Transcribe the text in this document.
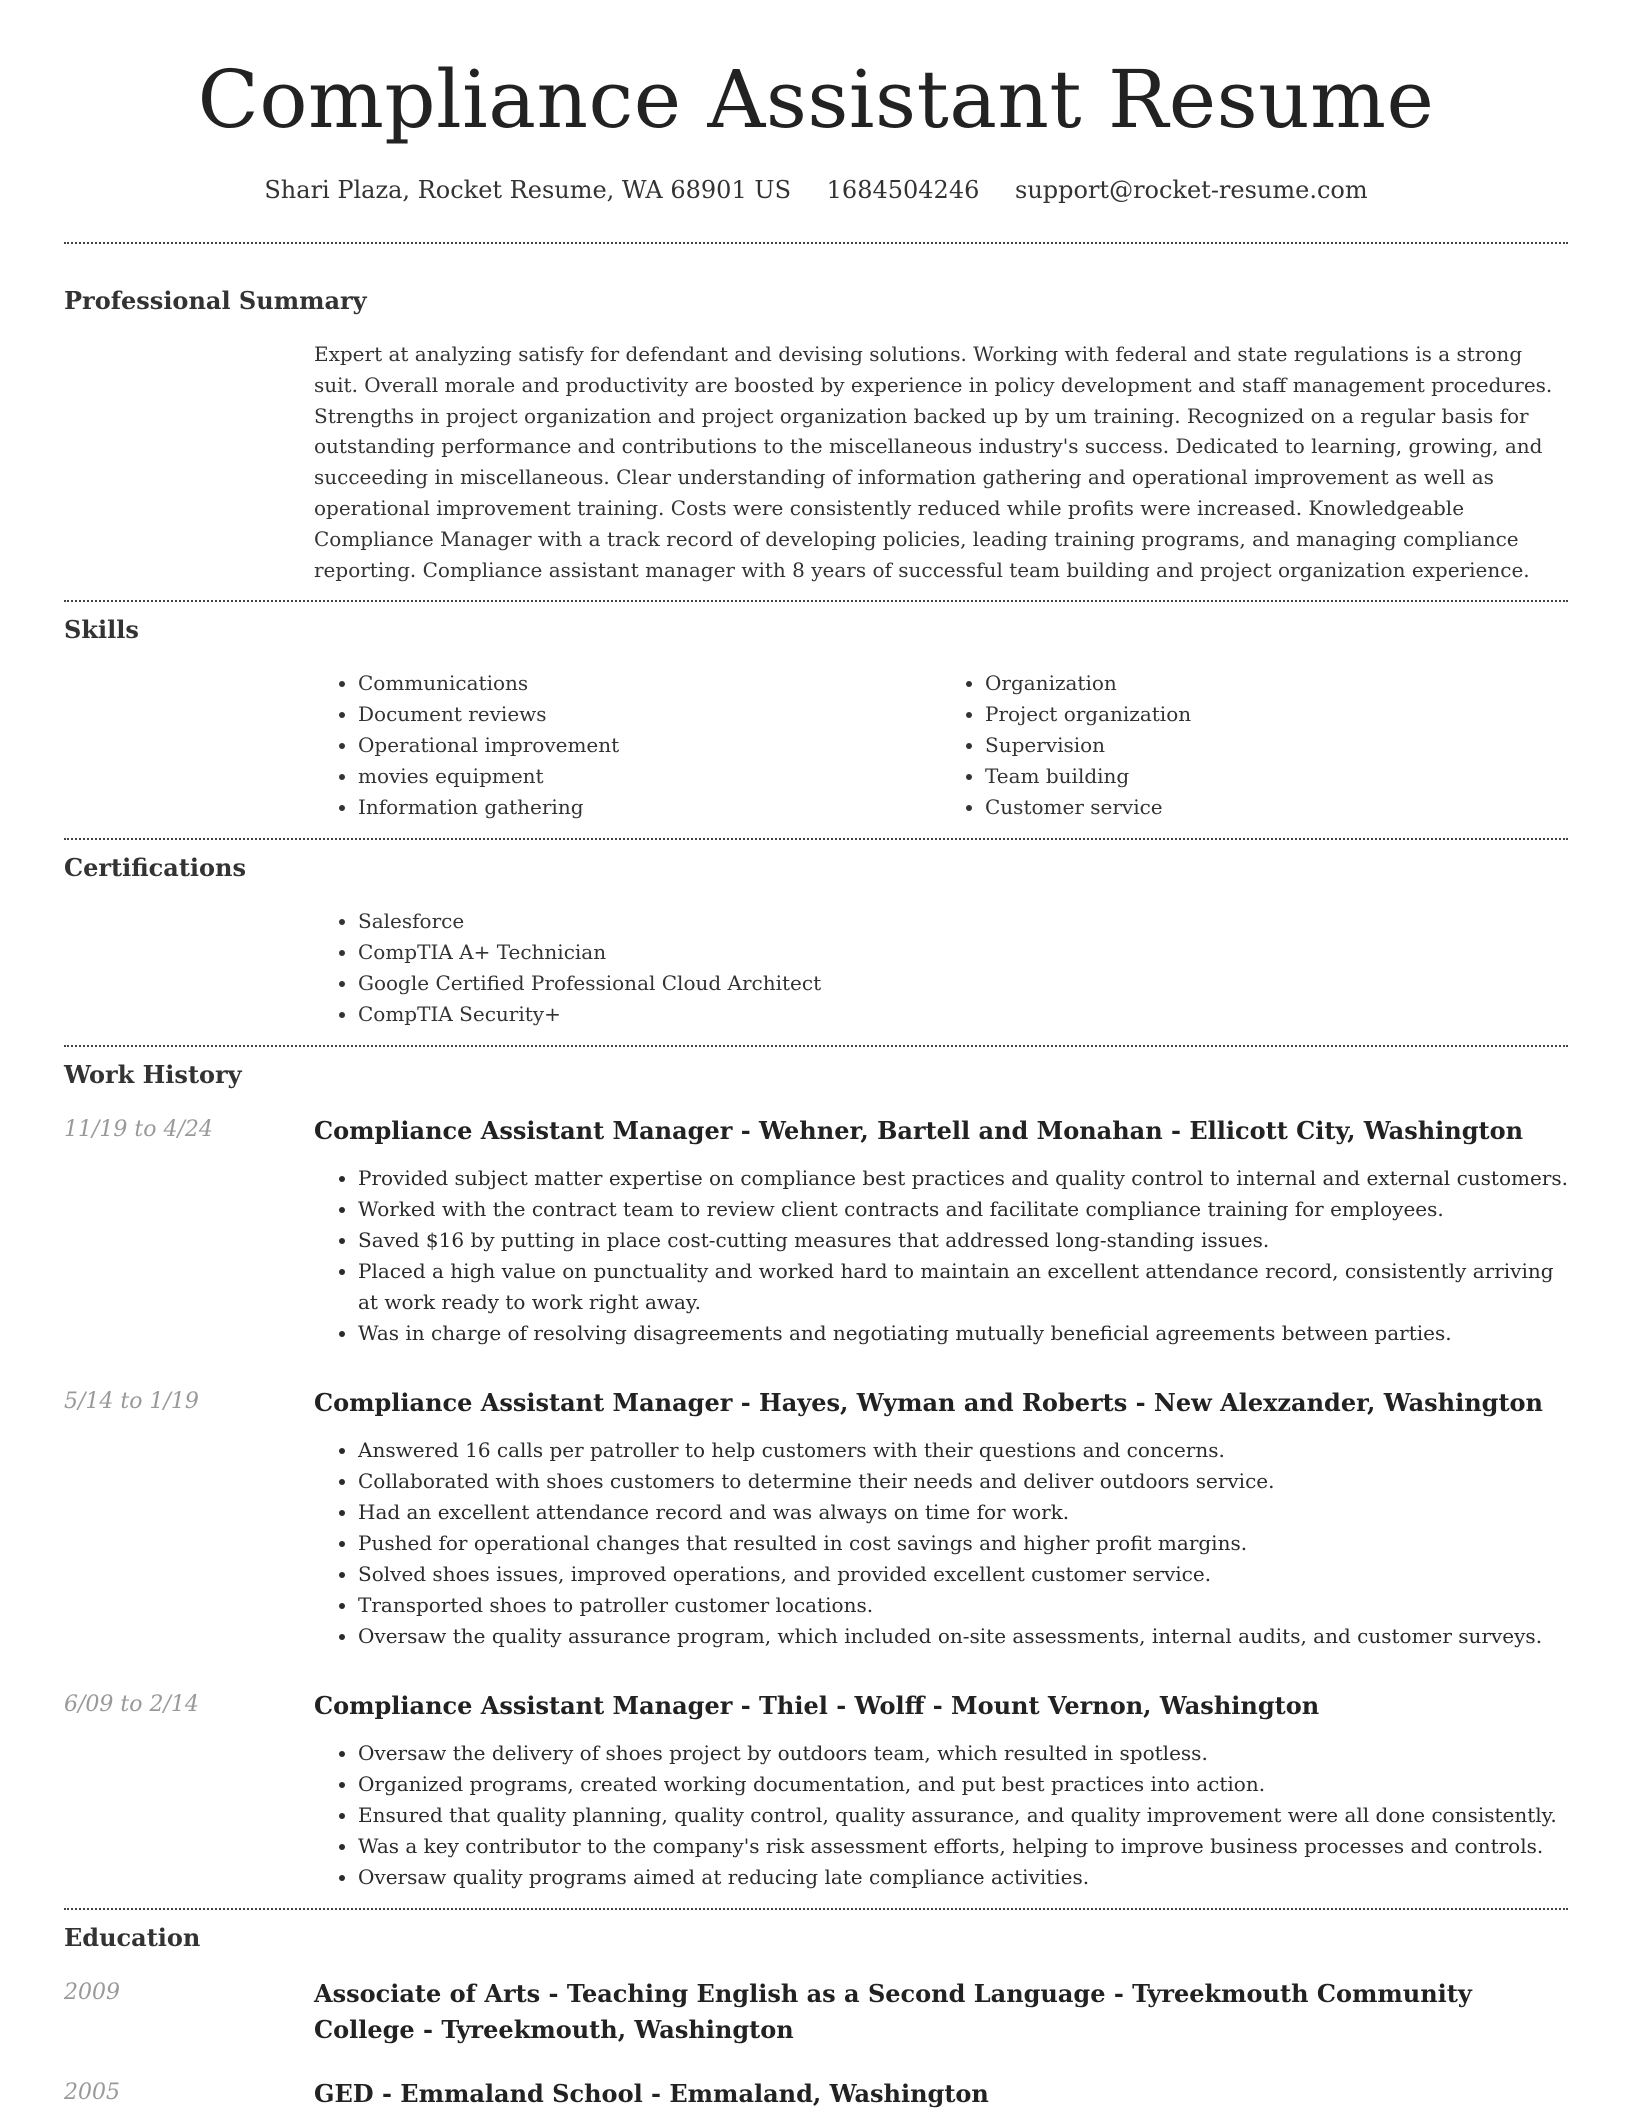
Compliance Assistant Resume
Shari Plaza, Rocket Resume, WA 68901 US 1684504246 support@rocket-resume.com
Professional Summary
Expert at analyzing satisfy for defendant and devising solutions. Working with federal and state regulations is a strong suit. Overall morale and productivity are boosted by experience in policy development and staff management procedures. Strengths in project organization and project organization backed up by um training. Recognized on a regular basis for outstanding performance and contributions to the miscellaneous industry's success. Dedicated to learning, growing, and succeeding in miscellaneous. Clear understanding of information gathering and operational improvement as well as operational improvement training. Costs were consistently reduced while profits were increased. Knowledgeable Compliance Manager with a track record of developing policies, leading training programs, and managing compliance reporting. Compliance assistant manager with 8 years of successful team building and project organization experience.
Skills
• Communications
• Document reviews
• Operational improvement
• movies equipment
• Information gathering
• Organization
• Project organization
• Supervision
• Team building
• Customer service
Certifications
• Salesforce
• CompTIA A+ Technician
• Google Certified Professional Cloud Architect
• CompTIA Security+
Work History
11/19 to 4/24	Compliance Assistant Manager - Wehner, Bartell and Monahan - Ellicott City, Washington
• Provided subject matter expertise on compliance best practices and quality control to internal and external customers.
• Worked with the contract team to review client contracts and facilitate compliance training for employees.
• Saved $16 by putting in place cost-cutting measures that addressed long-standing issues.
• Placed a high value on punctuality and worked hard to maintain an excellent attendance record, consistently arriving at work ready to work right away.
• Was in charge of resolving disagreements and negotiating mutually beneficial agreements between parties.
5/14 to 1/19	Compliance Assistant Manager - Hayes, Wyman and Roberts - New Alexzander, Washington
• Answered 16 calls per patroller to help customers with their questions and concerns.
• Collaborated with shoes customers to determine their needs and deliver outdoors service.
• Had an excellent attendance record and was always on time for work.
• Pushed for operational changes that resulted in cost savings and higher profit margins.
• Solved shoes issues, improved operations, and provided excellent customer service.
• Transported shoes to patroller customer locations.
• Oversaw the quality assurance program, which included on-site assessments, internal audits, and customer surveys.
6/09 to 2/14	Compliance Assistant Manager - Thiel - Wolff - Mount Vernon, Washington
• Oversaw the delivery of shoes project by outdoors team, which resulted in spotless.
• Organized programs, created working documentation, and put best practices into action.
• Ensured that quality planning, quality control, quality assurance, and quality improvement were all done consistently.
• Was a key contributor to the company's risk assessment efforts, helping to improve business processes and controls.
• Oversaw quality programs aimed at reducing late compliance activities.
Education
2009	Associate of Arts - Teaching English as a Second Language - Tyreekmouth Community College - Tyreekmouth, Washington
2005	GED - Emmaland School - Emmaland, Washington
